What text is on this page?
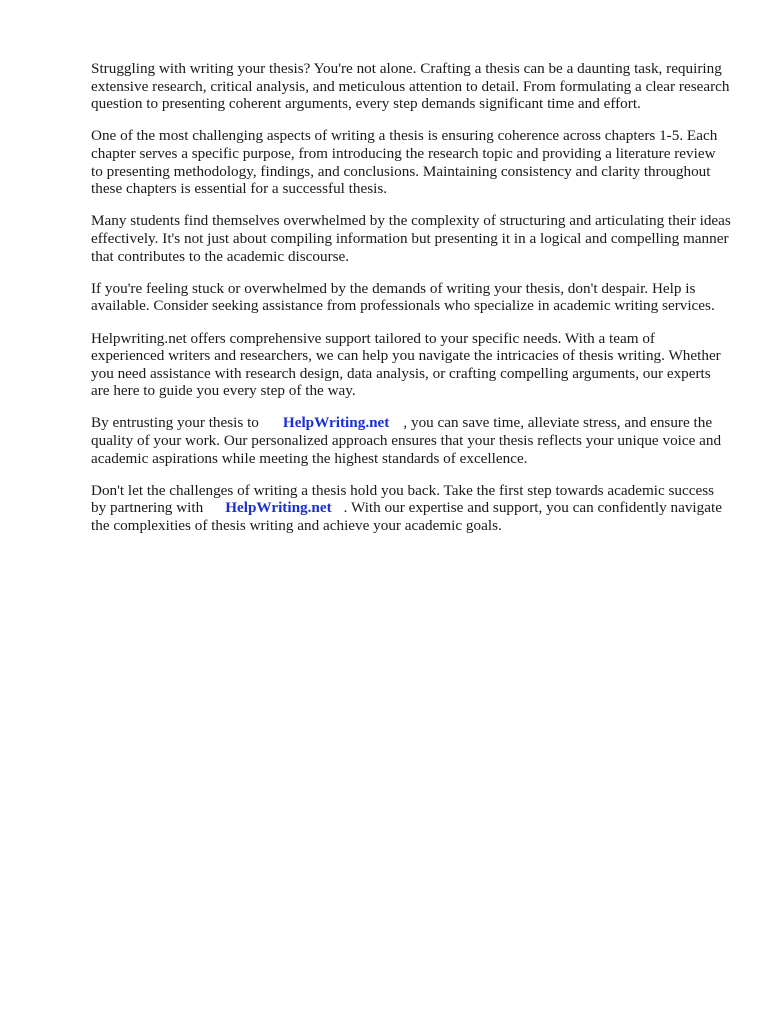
Struggling with writing your thesis? You're not alone. Crafting a thesis can be a daunting task, requiring extensive research, critical analysis, and meticulous attention to detail. From formulating a clear research question to presenting coherent arguments, every step demands significant time and effort.

One of the most challenging aspects of writing a thesis is ensuring coherence across chapters 1-5. Each chapter serves a specific purpose, from introducing the research topic and providing a literature review to presenting methodology, findings, and conclusions. Maintaining consistency and clarity throughout these chapters is essential for a successful thesis.

Many students find themselves overwhelmed by the complexity of structuring and articulating their ideas effectively. It's not just about compiling information but presenting it in a logical and compelling manner that contributes to the academic discourse.

If you're feeling stuck or overwhelmed by the demands of writing your thesis, don't despair. Help is available. Consider seeking assistance from professionals who specialize in academic writing services.

Helpwriting.net offers comprehensive support tailored to your specific needs. With a team of experienced writers and researchers, we can help you navigate the intricacies of thesis writing. Whether you need assistance with research design, data analysis, or crafting compelling arguments, our experts are here to guide you every step of the way.

By entrusting your thesis to HelpWriting.net , you can save time, alleviate stress, and ensure the quality of your work. Our personalized approach ensures that your thesis reflects your unique voice and academic aspirations while meeting the highest standards of excellence.

Don't let the challenges of writing a thesis hold you back. Take the first step towards academic success by partnering with HelpWriting.net . With our expertise and support, you can confidently navigate the complexities of thesis writing and achieve your academic goals.
